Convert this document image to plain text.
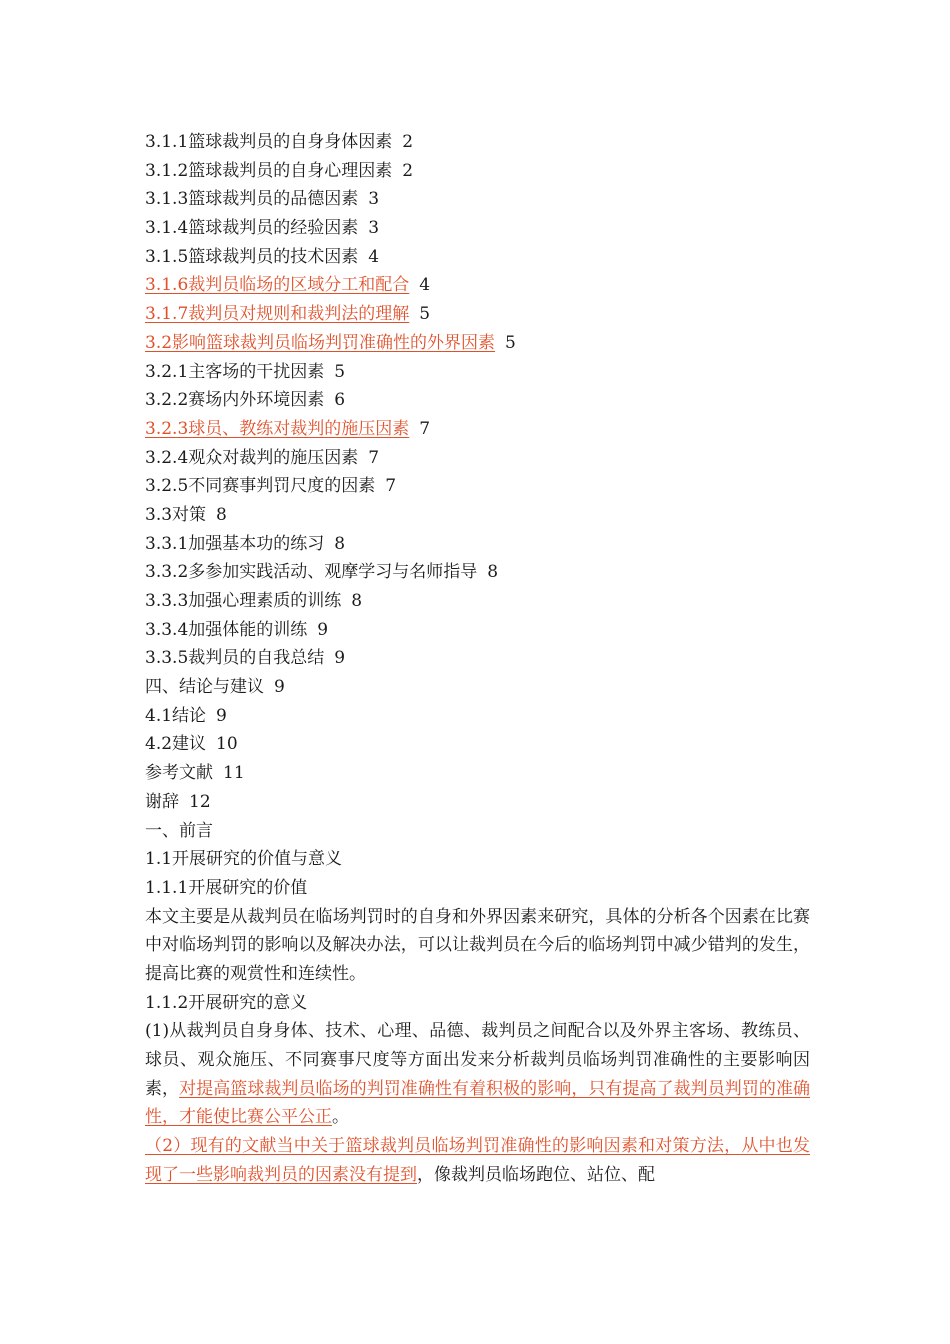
3.1.1篮球裁判员的自身身体因素 2
3.1.2篮球裁判员的自身心理因素 2
3.1.3篮球裁判员的品德因素 3
3.1.4篮球裁判员的经验因素 3
3.1.5篮球裁判员的技术因素 4
3.1.6裁判员临场的区域分工和配合 4
3.1.7裁判员对规则和裁判法的理解 5
3.2影响篮球裁判员临场判罚准确性的外界因素 5
3.2.1主客场的干扰因素 5
3.2.2赛场内外环境因素 6
3.2.3球员、教练对裁判的施压因素 7
3.2.4观众对裁判的施压因素 7
3.2.5不同赛事判罚尺度的因素 7
3.3对策 8
3.3.1加强基本功的练习 8
3.3.2多参加实践活动、观摩学习与名师指导 8
3.3.3加强心理素质的训练 8
3.3.4加强体能的训练 9
3.3.5裁判员的自我总结 9
四、结论与建议 9
4.1结论 9
4.2建议 10
参考文献 11
谢辞 12
一、前言
1.1开展研究的价值与意义
1.1.1开展研究的价值
本文主要是从裁判员在临场判罚时的自身和外界因素来研究，具体的分析各个因素在比赛中对临场判罚的影响以及解决办法，可以让裁判员在今后的临场判罚中减少错判的发生，提高比赛的观赏性和连续性。
1.1.2开展研究的意义
(1)从裁判员自身身体、技术、心理、品德、裁判员之间配合以及外界主客场、教练员、球员、观众施压、不同赛事尺度等方面出发来分析裁判员临场判罚准确性的主要影响因素，对提高篮球裁判员临场的判罚准确性有着积极的影响，只有提高了裁判员判罚的准确性，才能使比赛公平公正。
（2）现有的文献当中关于篮球裁判员临场判罚准确性的影响因素和对策方法，从中也发现了一些影响裁判员的因素没有提到，像裁判员临场跑位、站位、配
